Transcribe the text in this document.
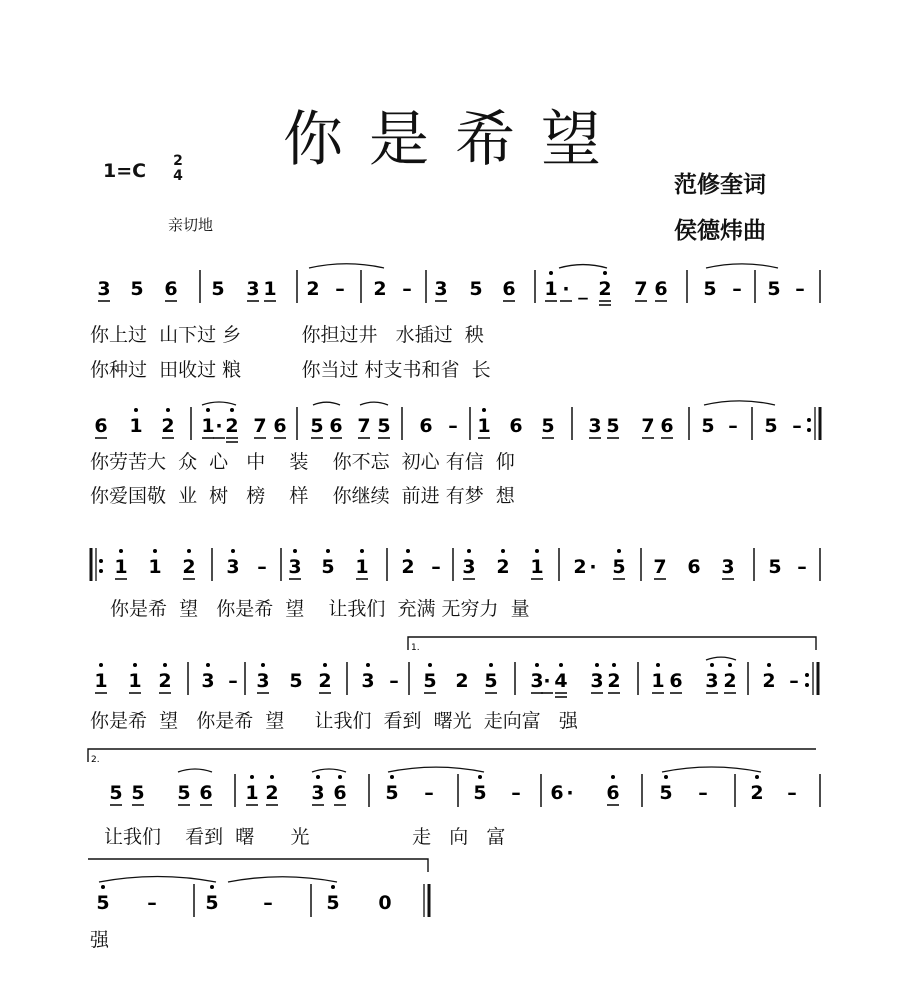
你是希望
1=C 2
4
亲切地
范修奎词
侯德炜曲
1.
2.
3 5 6 5 3 1 2 – 2 – 3 5 6 1 · _ 2 7 6 5 – 5 –
6 1 2 1 · 2 7 6 5 6 7 5 6 – 1 6 5 3 5 7 6 5 – 5 –
1 1 2 3 – 3 5 1 2 – 3 2 1 2 · 5 7 6 3 5 –
1 1 2 3 – 3 5 2 3 – 5 2 5 3 · 4 3 2 1 6 3 2 2 –
5 5 5 6 1 2 3 6 5 – 5 – 6 · 6 5 – 2 –
5 –	5 –	5 0
你上过  山下过 乡          你担过井   水插过  秧
你种过  田收过 粮          你当过 村支书和省  长
你劳苦大  众  心   中    装    你不忘  初心 有信  仰
你爱国敬  业  树   榜    样    你继续  前进 有梦  想
你是希  望   你是希  望    让我们  充满 无穷力  量
你是希  望   你是希  望     让我们  看到  曙光  走向富   强
让我们    看到  曙      光                 走   向   富
强
